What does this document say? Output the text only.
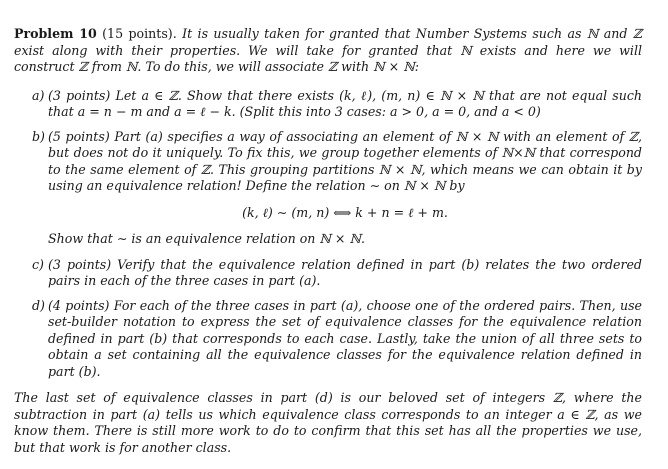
Problem 10 (15 points). It is usually taken for granted that Number Systems such as ℕ and ℤ exist along with their properties. We will take for granted that ℕ exists and here we will construct ℤ from ℕ. To do this, we will associate ℤ with ℕ × ℕ:

a) (3 points) Let a ∈ ℤ. Show that there exists (k, ℓ), (m, n) ∈ ℕ × ℕ that are not equal such that a = n − m and a = ℓ − k. (Split this into 3 cases: a > 0, a = 0, and a < 0)
b) (5 points) Part (a) specifies a way of associating an element of ℕ × ℕ with an element of ℤ, but does not do it uniquely. To fix this, we group together elements of ℕ×ℕ that correspond to the same element of ℤ. This grouping partitions ℕ × ℕ, which means we can obtain it by using an equivalence relation! Define the relation ∼ on ℕ × ℕ by
(k, ℓ) ∼ (m, n) ⟺ k + n = ℓ + m.

Show that ∼ is an equivalence relation on ℕ × ℕ.

c) (3 points) Verify that the equivalence relation defined in part (b) relates the two ordered pairs in each of the three cases in part (a).
d) (4 points) For each of the three cases in part (a), choose one of the ordered pairs. Then, use set-builder notation to express the set of equivalence classes for the equivalence relation defined in part (b) that corresponds to each case. Lastly, take the union of all three sets to obtain a set containing all the equivalence classes for the equivalence relation defined in part (b).

The last set of equivalence classes in part (d) is our beloved set of integers ℤ, where the subtraction in part (a) tells us which equivalence class corresponds to an integer a ∈ ℤ, as we know them. There is still more work to do to confirm that this set has all the properties we use, but that work is for another class.
